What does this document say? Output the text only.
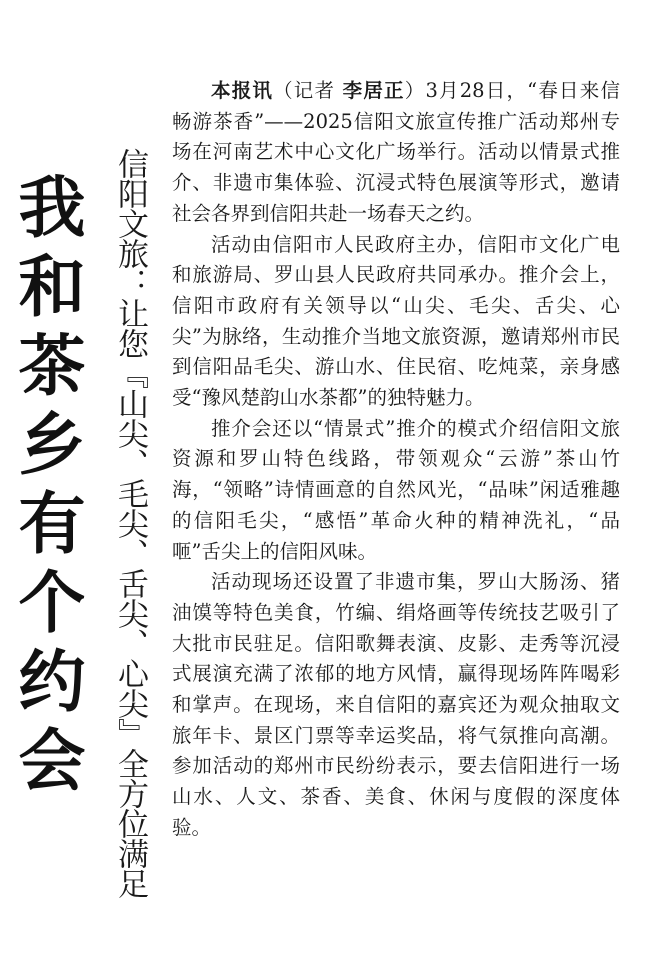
我和茶乡有个约会 信阳文旅：让您『山尖、毛尖、舌尖、心尖』全方位满足

本报讯（记者 李居正）3月28日，“春日来信 畅游茶香”——2025信阳文旅宣传推广活动郑州专场在河南艺术中心文化广场举行。活动以情景式推介、非遗市集体验、沉浸式特色展演等形式，邀请社会各界到信阳共赴一场春天之约。

活动由信阳市人民政府主办，信阳市文化广电和旅游局、罗山县人民政府共同承办。推介会上，信阳市政府有关领导以“山尖、毛尖、舌尖、心尖”为脉络，生动推介当地文旅资源，邀请郑州市民到信阳品毛尖、游山水、住民宿、吃炖菜，亲身感受“豫风楚韵山水茶都”的独特魅力。

推介会还以“情景式”推介的模式介绍信阳文旅资源和罗山特色线路，带领观众“云游”茶山竹海，“领略”诗情画意的自然风光，“品味”闲适雅趣的信阳毛尖，“感悟”革命火种的精神洗礼，“品咂”舌尖上的信阳风味。

活动现场还设置了非遗市集，罗山大肠汤、猪油馍等特色美食，竹编、绢烙画等传统技艺吸引了大批市民驻足。信阳歌舞表演、皮影、走秀等沉浸式展演充满了浓郁的地方风情，赢得现场阵阵喝彩和掌声。在现场，来自信阳的嘉宾还为观众抽取文旅年卡、景区门票等幸运奖品，将气氛推向高潮。参加活动的郑州市民纷纷表示，要去信阳进行一场山水、人文、茶香、美食、休闲与度假的深度体验。
